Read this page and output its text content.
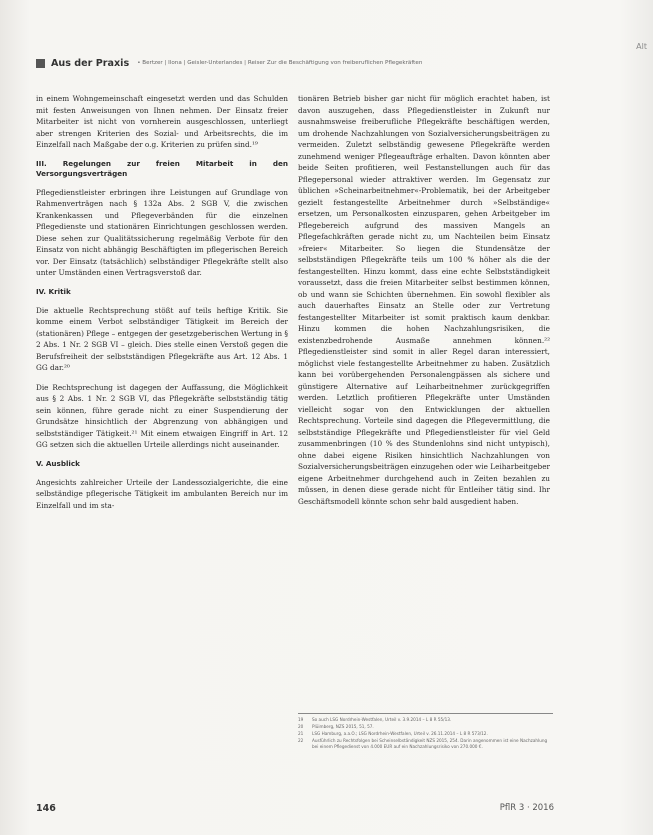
Alt
Aus der Praxis • Bertzer | Ilona | Geisler-Unterlandes | Reiser Zur die Beschäftigung von freiberuflichen Pflegekräften

in einem Wohngemeinschaft eingesetzt werden und das Schulden mit festen Anweisungen von Ihnen nehmen. Der Einsatz freier Mitarbeiter ist nicht von vornherein ausgeschlossen, unterliegt aber strengen Kriterien des Sozial- und Arbeitsrechts, die im Einzelfall nach Maßgabe der o.g. Kriterien zu prüfen sind.¹⁹

III. Regelungen zur freien Mitarbeit in den Versorgungsverträgen

Pflegedienstleister erbringen ihre Leistungen auf Grundlage von Rahmenverträgen nach § 132a Abs. 2 SGB V, die zwischen Krankenkassen und Pflegeverbänden für die einzelnen Pflegedienste und stationären Einrichtungen geschlossen werden. Diese sehen zur Qualitätssicherung regelmäßig Verbote für den Einsatz von nicht abhängig Beschäftigten im pflegerischen Bereich vor. Der Einsatz (tatsächlich) selbständiger Pflegekräfte stellt also unter Umständen einen Vertragsverstoß dar.

IV. Kritik

Die aktuelle Rechtsprechung stößt auf teils heftige Kritik. Sie komme einem Verbot selbständiger Tätigkeit im Bereich der (stationären) Pflege – entgegen der gesetzgeberischen Wertung in § 2 Abs. 1 Nr. 2 SGB VI – gleich. Dies stelle einen Verstoß gegen die Berufsfreiheit der selbstständigen Pflegekräfte aus Art. 12 Abs. 1 GG dar.²⁰

Die Rechtsprechung ist dagegen der Auffassung, die Möglichkeit aus § 2 Abs. 1 Nr. 2 SGB VI, das Pflegekräfte selbstständig tätig sein können, führe gerade nicht zu einer Suspendierung der Grundsätze hinsichtlich der Abgrenzung von abhängigen und selbstständiger Tätigkeit.²¹ Mit einem etwaigen Eingriff in Art. 12 GG setzen sich die aktuellen Urteile allerdings nicht auseinander.

V. Ausblick

Angesichts zahlreicher Urteile der Landessozialgerichte, die eine selbständige pflegerische Tätigkeit im ambulanten Bereich nur im Einzelfall und im sta-

tionären Betrieb bisher gar nicht für möglich erachtet haben, ist davon auszugehen, dass Pflegedienstleister in Zukunft nur ausnahmsweise freiberufliche Pflegekräfte beschäftigen werden, um drohende Nachzahlungen von Sozialversicherungsbeiträgen zu vermeiden. Zuletzt selbständig gewesene Pflegekräfte werden zunehmend weniger Pflegeaufträge erhalten. Davon könnten aber beide Seiten profitieren, weil Festanstellungen auch für das Pflegepersonal wieder attraktiver werden. Im Gegensatz zur üblichen »Scheinarbeitnehmer«-Problematik, bei der Arbeitgeber gezielt festangestellte Arbeitnehmer durch »Selbständige« ersetzen, um Personalkosten einzusparen, gehen Arbeitgeber im Pflegebereich aufgrund des massiven Mangels an Pflegefachkräften gerade nicht zu, um Nachteilen beim Einsatz »freier« Mitarbeiter. So liegen die Stundensätze der selbstständigen Pflegekräfte teils um 100 % höher als die der festangestellten. Hinzu kommt, dass eine echte Selbstständigkeit voraussetzt, dass die freien Mitarbeiter selbst bestimmen können, ob und wann sie Schichten übernehmen. Ein sowohl flexibler als auch dauerhaftes Einsatz an Stelle oder zur Vertretung festangestellter Mitarbeiter ist somit praktisch kaum denkbar. Hinzu kommen die hohen Nachzahlungsrisiken, die existenzbedrohende Ausmaße annehmen können.²² Pflegedienstleister sind somit in aller Regel daran interessiert, möglichst viele festangestellte Arbeitnehmer zu haben. Zusätzlich kann bei vorübergehenden Personalengpässen als sichere und günstigere Alternative auf Leiharbeitnehmer zurückgegriffen werden. Letztlich profitieren Pflegekräfte unter Umständen vielleicht sogar von den Entwicklungen der aktuellen Rechtsprechung. Vorteile sind dagegen die Pflegevermittlung, die selbstständige Pflegekräfte und Pflegedienstleister für viel Geld zusammenbringen (10 % des Stundenlohns sind nicht untypisch), ohne dabei eigene Risiken hinsichtlich Nachzahlungen von Sozialversicherungsbeiträgen einzugehen oder wie Leiharbeitgeber eigene Arbeitnehmer durchgehend auch in Zeiten bezahlen zu müssen, in denen diese gerade nicht für Entleiher tätig sind. Ihr Geschäftsmodell könnte schon sehr bald ausgedient haben.

19	So auch LSG Nordrhein-Westfalen, Urteil v. 3.9.2014 – L 8 R 55/13.
20	Plüimberg, NZS 2015, 51, 57.
21	LSG Hamburg, a.a.O.; LSG Nordrhein-Westfalen, Urteil v. 26.11.2014 – L 8 R 573/12.
22	Ausführlich zu Rechtsfolgen bei Scheinselbständigkeit NZS 2015, 254. Darin angenommen ist eine Nachzahlung bei einem Pflegedienst von 4.000 EUR auf ein Nachzahlungsrisiko von 270.000 €.
146	PflR 3 · 2016
